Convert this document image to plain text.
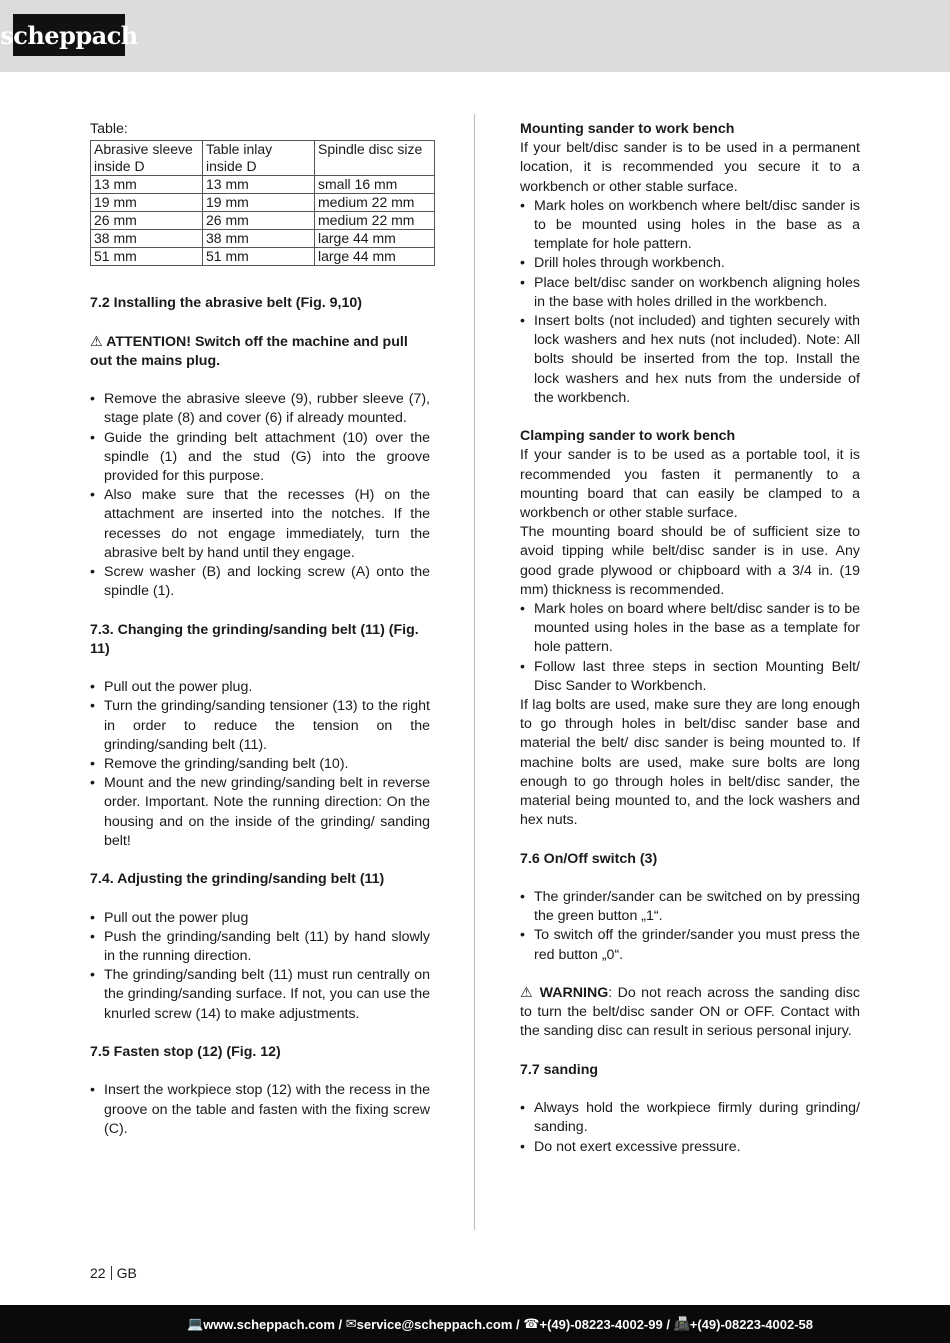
scheppach

Table:

Abrasive sleeve inside D	Table inlay inside D	Spindle disc size
13 mm	13 mm	small 16 mm
19 mm	19 mm	medium 22 mm
26 mm	26 mm	medium 22 mm
38 mm	38 mm	large 44 mm
51 mm	51 mm	large 44 mm

7.2 Installing the abrasive belt (Fig. 9,10)

⚠ ATTENTION! Switch off the machine and pull out the mains plug.

• Remove the abrasive sleeve (9), rubber sleeve (7), stage plate (8) and cover (6) if already mounted.
• Guide the grinding belt attachment (10) over the spindle (1) and the stud (G) into the groove provided for this purpose.
• Also make sure that the recesses (H) on the attachment are inserted into the notches. If the recesses do not engage immediately, turn the abrasive belt by hand until they engage.
• Screw washer (B) and locking screw (A) onto the spindle (1).

7.3. Changing the grinding/sanding belt (11) (Fig. 11)

• Pull out the power plug.
• Turn the grinding/sanding tensioner (13) to the right in order to reduce the tension on the grinding/sanding belt (11).
• Remove the grinding/sanding belt (10).
• Mount and the new grinding/sanding belt in reverse order. Important. Note the running direction: On the housing and on the inside of the grinding/ sanding belt!

7.4. Adjusting the grinding/sanding belt (11)

• Pull out the power plug
• Push the grinding/sanding belt (11) by hand slowly in the running direction.
• The grinding/sanding belt (11) must run centrally on the grinding/sanding surface. If not, you can use the knurled screw (14) to make adjustments.

7.5 Fasten stop (12) (Fig. 12)

• Insert the workpiece stop (12) with the recess in the groove on the table and fasten with the fixing screw (C).

Mounting sander to work bench

If your belt/disc sander is to be used in a permanent location, it is recommended you secure it to a workbench or other stable surface.

• Mark holes on workbench where belt/disc sander is to be mounted using holes in the base as a template for hole pattern.
• Drill holes through workbench.
• Place belt/disc sander on workbench aligning holes in the base with holes drilled in the workbench.
• Insert bolts (not included) and tighten securely with lock washers and hex nuts (not included). Note: All bolts should be inserted from the top. Install the lock washers and hex nuts from the underside of the workbench.

Clamping sander to work bench

If your sander is to be used as a portable tool, it is recommended you fasten it permanently to a mounting board that can easily be clamped to a workbench or other stable surface.

The mounting board should be of sufficient size to avoid tipping while belt/disc sander is in use. Any good grade plywood or chipboard with a 3/4 in. (19 mm) thickness is recommended.

• Mark holes on board where belt/disc sander is to be mounted using holes in the base as a template for hole pattern.
• Follow last three steps in section Mounting Belt/ Disc Sander to Workbench.

If lag bolts are used, make sure they are long enough to go through holes in belt/disc sander base and material the belt/ disc sander is being mounted to. If machine bolts are used, make sure bolts are long enough to go through holes in belt/disc sander, the material being mounted to, and the lock washers and hex nuts.

7.6 On/Off switch (3)

• The grinder/sander can be switched on by pressing the green button „1“.
• To switch off the grinder/sander you must press the red button „0“.

⚠ WARNING: Do not reach across the sanding disc to turn the belt/disc sander ON or OFF. Contact with the sanding disc can result in serious personal injury.

7.7 sanding

• Always hold the workpiece firmly during grinding/ sanding.
• Do not exert excessive pressure.
22 GB
💻 www.scheppach.com / ✉ service@scheppach.com / ☎ +(49)-08223-4002-99 / 📠 +(49)-08223-4002-58
